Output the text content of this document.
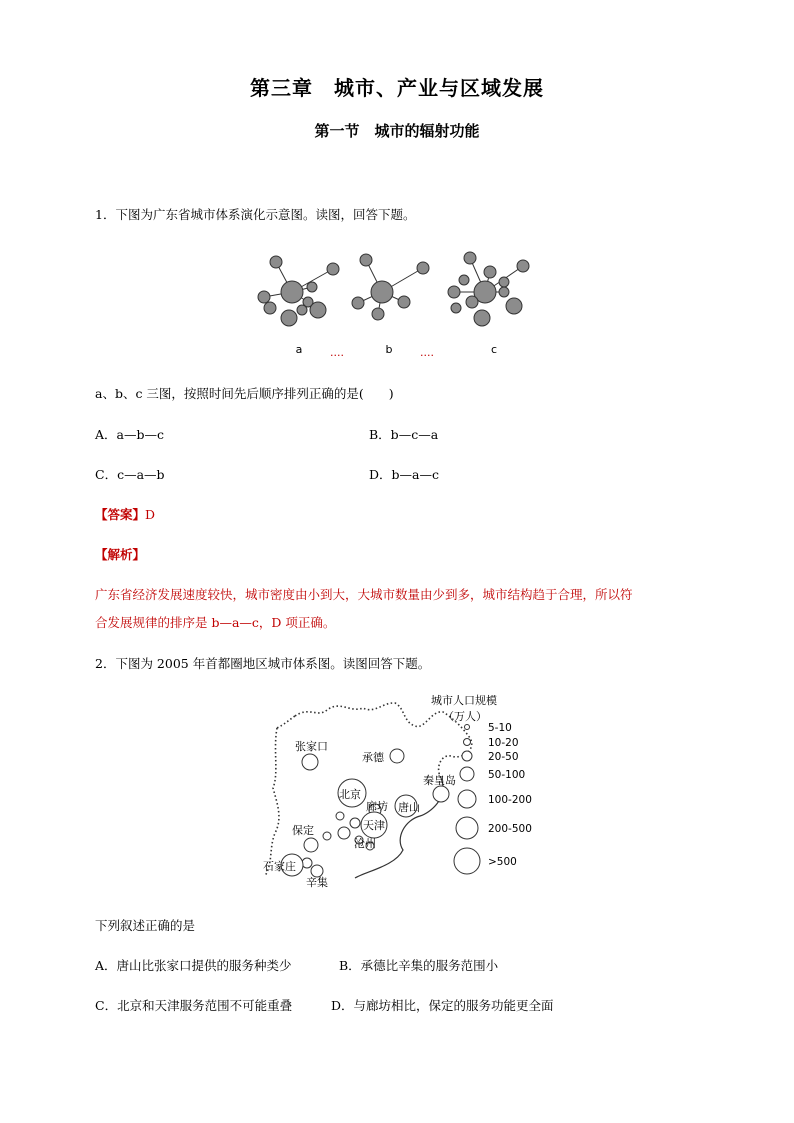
第三章　城市、产业与区域发展
第一节　城市的辐射功能
1．下图为广东省城市体系演化示意图。读图，回答下题。
a	b	c
....	....
a、b、c 三图，按照时间先后顺序排列正确的是(　　)
A．a—b—c	B．b—c—a
C．c—a—b	D．b—a—c
【答案】D
【解析】
广东省经济发展速度较快，城市密度由小到大，大城市数量由少到多，城市结构趋于合理，所以符
合发展规律的排序是 b—a—c，D 项正确。
2．下图为 2005 年首都圈地区城市体系图。读图回答下题。
张家口
承德
秦皇岛
北京
廊坊 唐山
天津
保定
沧州
石家庄
辛集
城市人口规模
（万人）
5-10
10-20
20-50
50-100
100-200
200-500
>500
下列叙述正确的是
A．唐山比张家口提供的服务种类少	B．承德比辛集的服务范围小
C．北京和天津服务范围不可能重叠	D．与廊坊相比，保定的服务功能更全面
